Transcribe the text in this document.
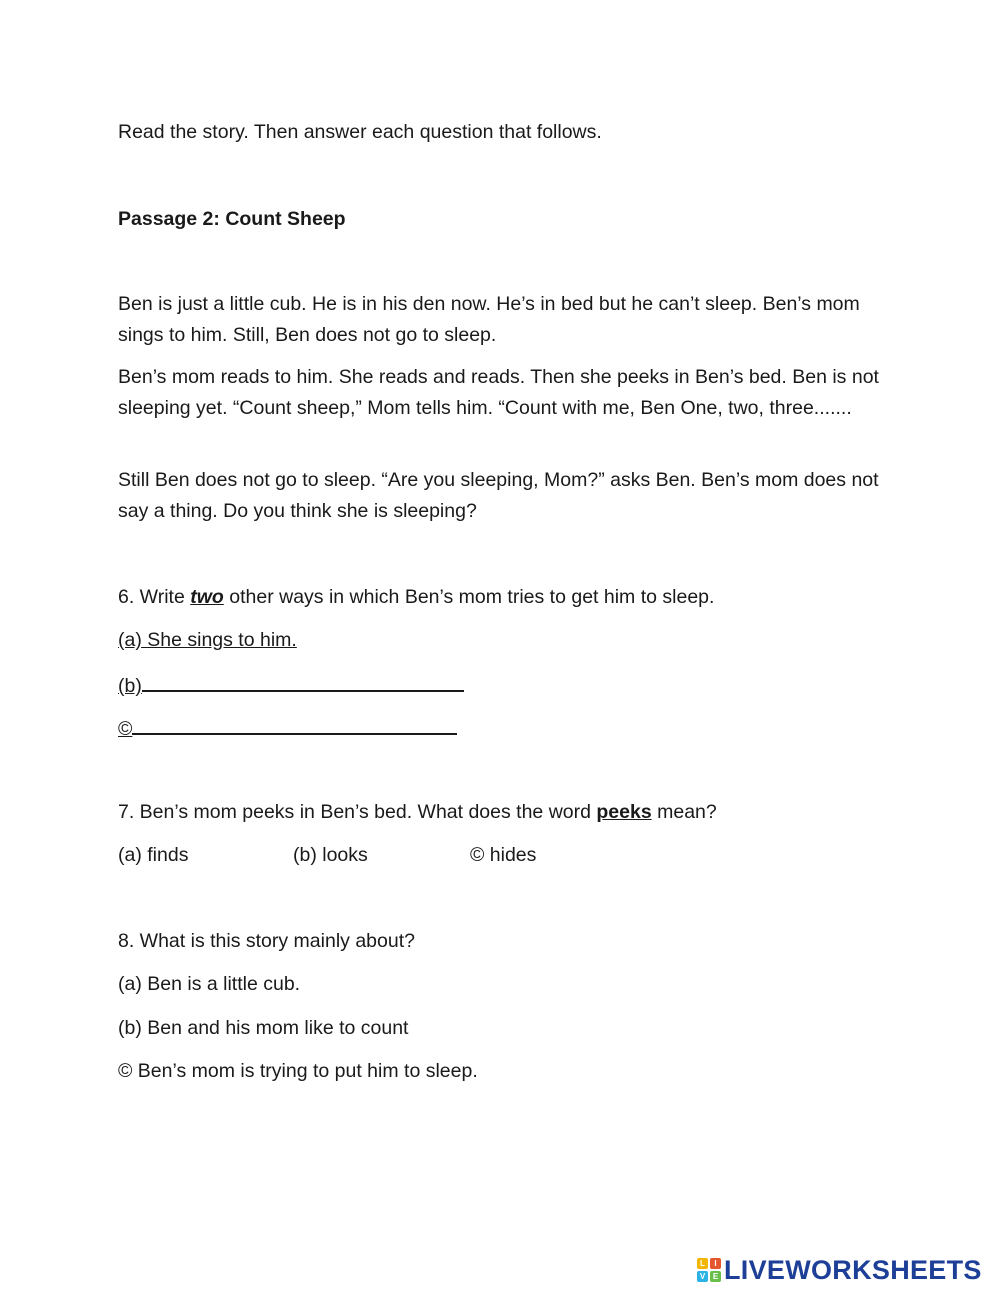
Read the story. Then answer each question that follows.
Passage 2: Count Sheep
Ben is just a little cub. He is in his den now. He’s in bed but he can’t sleep. Ben’s mom sings to him. Still, Ben does not go to sleep.
Ben’s mom reads to him. She reads and reads. Then she peeks in Ben’s bed. Ben is not sleeping yet. “Count sheep,” Mom tells him. “Count with me, Ben One, two, three.......
Still Ben does not go to sleep. “Are you sleeping, Mom?” asks Ben. Ben’s mom does not say a thing. Do you think she is sleeping?
6. Write two other ways in which Ben’s mom tries to get him to sleep.
(a) She sings to him.
(b)
©
7. Ben’s mom peeks in Ben’s bed. What does the word peeks mean?
(a) finds	(b) looks	© hides
8. What is this story mainly about?
(a) Ben is a little cub.
(b) Ben and his mom like to count
© Ben’s mom is trying to put him to sleep.
L	I
V E LIVEWORKSHEETS
